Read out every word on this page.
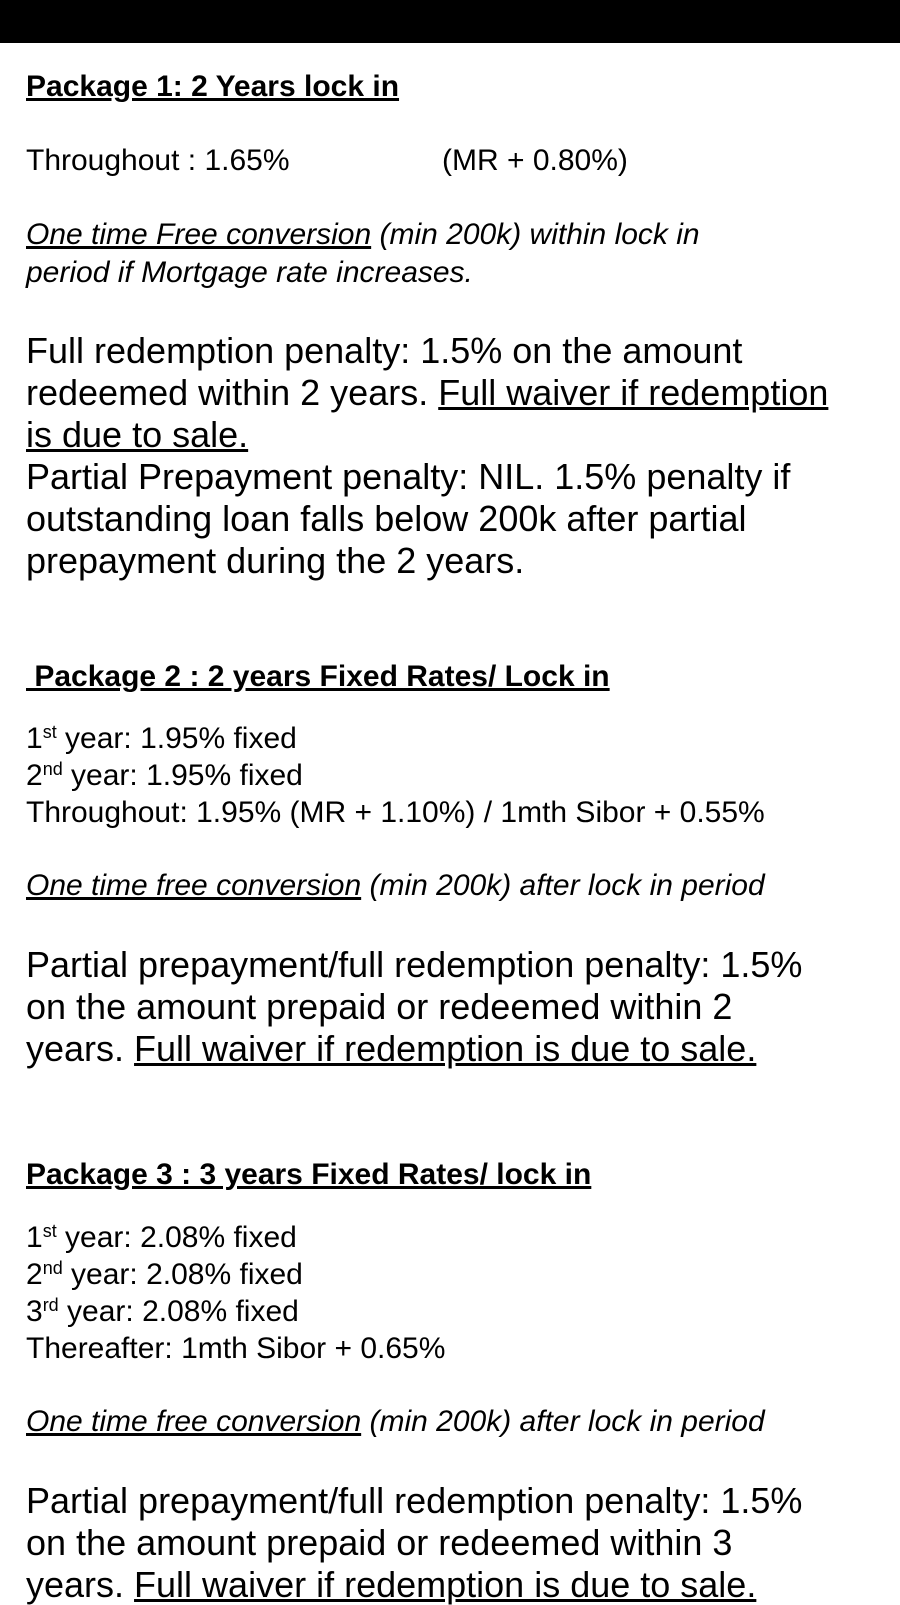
Package 1: 2 Years lock in
Throughout : 1.65%	(MR + 0.80%)
One time Free conversion (min 200k) within lock in
period if Mortgage rate increases.
Full redemption penalty: 1.5% on the amount
redeemed within 2 years. Full waiver if redemption
is due to sale.
Partial Prepayment penalty: NIL. 1.5% penalty if
outstanding loan falls below 200k after partial
prepayment during the 2 years.
Package 2 : 2 years Fixed Rates/ Lock in
1st year: 1.95% fixed
2nd year: 1.95% fixed
Throughout: 1.95% (MR + 1.10%) / 1mth Sibor + 0.55%
One time free conversion (min 200k) after lock in period
Partial prepayment/full redemption penalty: 1.5%
on the amount prepaid or redeemed within 2
years. Full waiver if redemption is due to sale.
Package 3 : 3 years Fixed Rates/ lock in
1st year: 2.08% fixed
2nd year: 2.08% fixed
3rd year: 2.08% fixed
Thereafter: 1mth Sibor + 0.65%
One time free conversion (min 200k) after lock in period
Partial prepayment/full redemption penalty: 1.5%
on the amount prepaid or redeemed within 3
years. Full waiver if redemption is due to sale.
